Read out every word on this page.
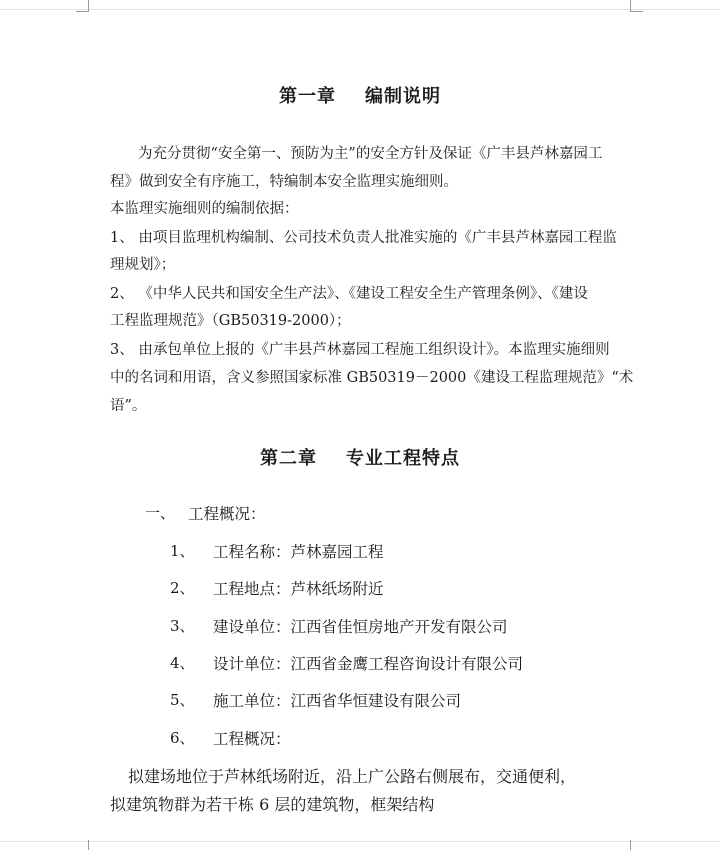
第一章    编制说明
为充分贯彻“安全第一、预防为主”的安全方针及保证《广丰县芦林嘉园工
程》做到安全有序施工，特编制本安全监理实施细则。
本监理实施细则的编制依据：
1、 由项目监理机构编制、公司技术负责人批准实施的《广丰县芦林嘉园工程监
理规划》；
2、 《中华人民共和国安全生产法》、《建设工程安全生产管理条例》、《建设
工程监理规范》（GB50319-2000）；
3、 由承包单位上报的《广丰县芦林嘉园工程施工组织设计》。本监理实施细则
中的名词和用语，含义参照国家标准 GB50319－2000《建设工程监理规范》“术
语”。
第二章    专业工程特点
一、 工程概况：
1、 工程名称：芦林嘉园工程
2、 工程地点：芦林纸场附近
3、 建设单位：江西省佳恒房地产开发有限公司
4、 设计单位：江西省金鹰工程咨询设计有限公司
5、 施工单位：江西省华恒建设有限公司
6、 工程概况：
拟建场地位于芦林纸场附近，沿上广公路右侧展布，交通便利，
拟建筑物群为若干栋 6 层的建筑物，框架结构
